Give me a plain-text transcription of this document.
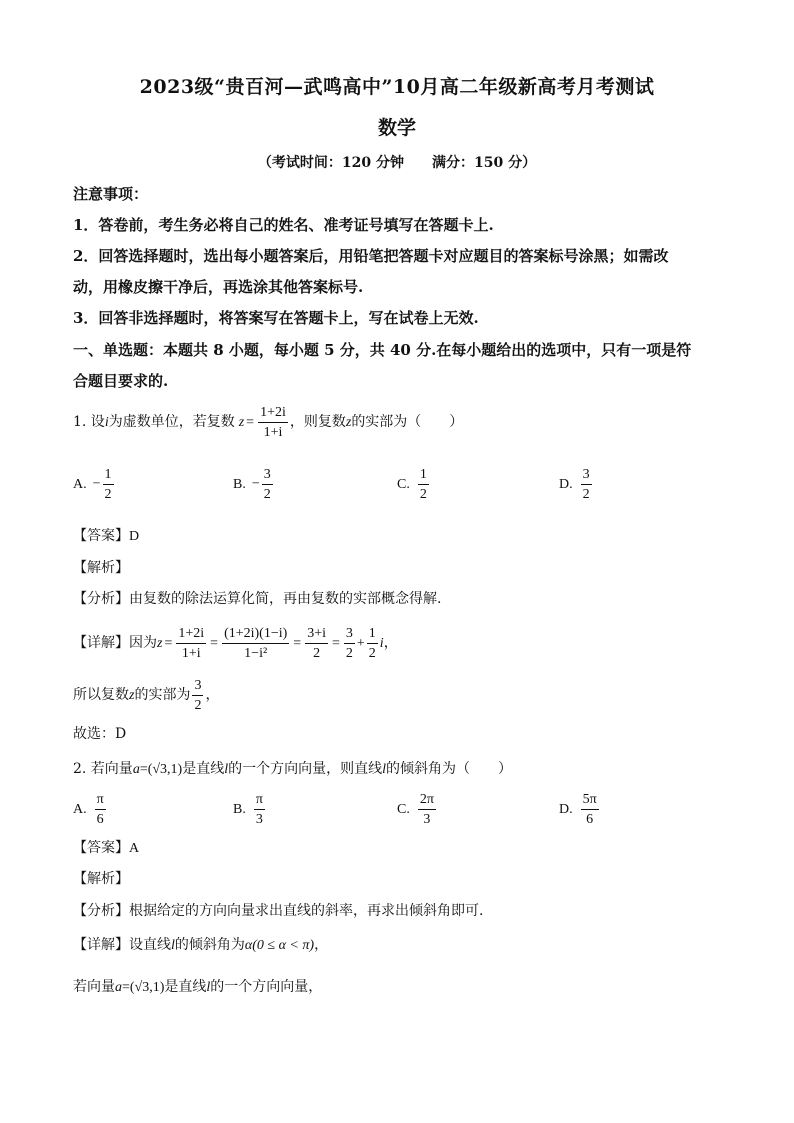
2023级“贵百河—武鸣高中”10月高二年级新高考月考测试
数学
（考试时间：120 分钟　　满分：150 分）
注意事项：
1．答卷前，考生务必将自己的姓名、准考证号填写在答题卡上.
2．回答选择题时，选出每小题答案后，用铅笔把答题卡对应题目的答案标号涂黑；如需改
动，用橡皮擦干净后，再选涂其他答案标号.
3．回答非选择题时，将答案写在答题卡上，写在试卷上无效.
一、单选题：本题共 8 小题，每小题 5 分，共 40 分.在每小题给出的选项中，只有一项是符
合题目要求的.
1. 设i为虚数单位，若复数 $z = \frac{1+2i}{1+i}$ ，则复数z的实部为（　　）
A. − $\frac{1}{2}$	B. − $\frac{3}{2}$	C. $\frac{1}{2}$	D. $\frac{3}{2}$
【答案】D
【解析】
【分析】由复数的除法运算化简，再由复数的实部概念得解.
【详解】因为$z = \frac{1+2i}{1+i} = \frac{(1+2i)(1-i)}{\text{1−i²}} = \frac{3+i}{2} = \frac{3}{2} + \frac{1}{2}$ i，
所以复数z的实部为 $\frac{3}{2}$ ，
故选：D
2. 若向量a=(√3,1)是直线l的一个方向向量，则直线l的倾斜角为（　　）
A. $\frac{\pi}{6}$	B. $\frac{\pi}{3}$	C. $\frac{2\pi}{3}$	D. $\frac{5\pi}{6}$
【答案】A
【解析】
【分析】根据给定的方向向量求出直线的斜率，再求出倾斜角即可.
【详解】设直线l的倾斜角为α(0 ≤ α < π)，
若向量a=(√3,1)是直线l的一个方向向量，
